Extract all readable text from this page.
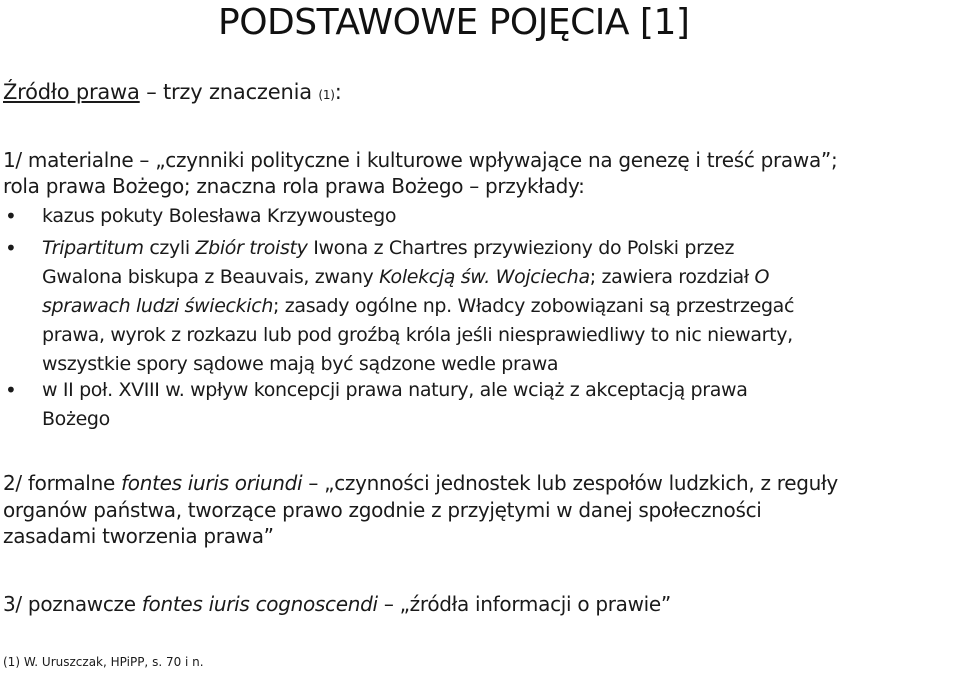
PODSTAWOWE POJĘCIA [1]
Źródło prawa – trzy znaczenia (1):
1/ materialne – „czynniki polityczne i kulturowe wpływające na genezę i treść prawa”;
rola prawa Bożego; znaczna rola prawa Bożego – przykłady:
• kazus pokuty Bolesława Krzywoustego
• Tripartitum czyli Zbiór troisty Iwona z Chartres przywieziony do Polski przez
Gwalona biskupa z Beauvais, zwany Kolekcją św. Wojciecha; zawiera rozdział O
sprawach ludzi świeckich; zasady ogólne np. Władcy zobowiązani są przestrzegać
prawa, wyrok z rozkazu lub pod groźbą króla jeśli niesprawiedliwy to nic niewarty,
wszystkie spory sądowe mają być sądzone wedle prawa
• w II poł. XVIII w. wpływ koncepcji prawa natury, ale wciąż z akceptacją prawa
Bożego
2/ formalne fontes iuris oriundi – „czynności jednostek lub zespołów ludzkich, z reguły
organów państwa, tworzące prawo zgodnie z przyjętymi w danej społeczności
zasadami tworzenia prawa”
3/ poznawcze fontes iuris cognoscendi – „źródła informacji o prawie”
(1) W. Uruszczak, HPiPP, s. 70 i n.
